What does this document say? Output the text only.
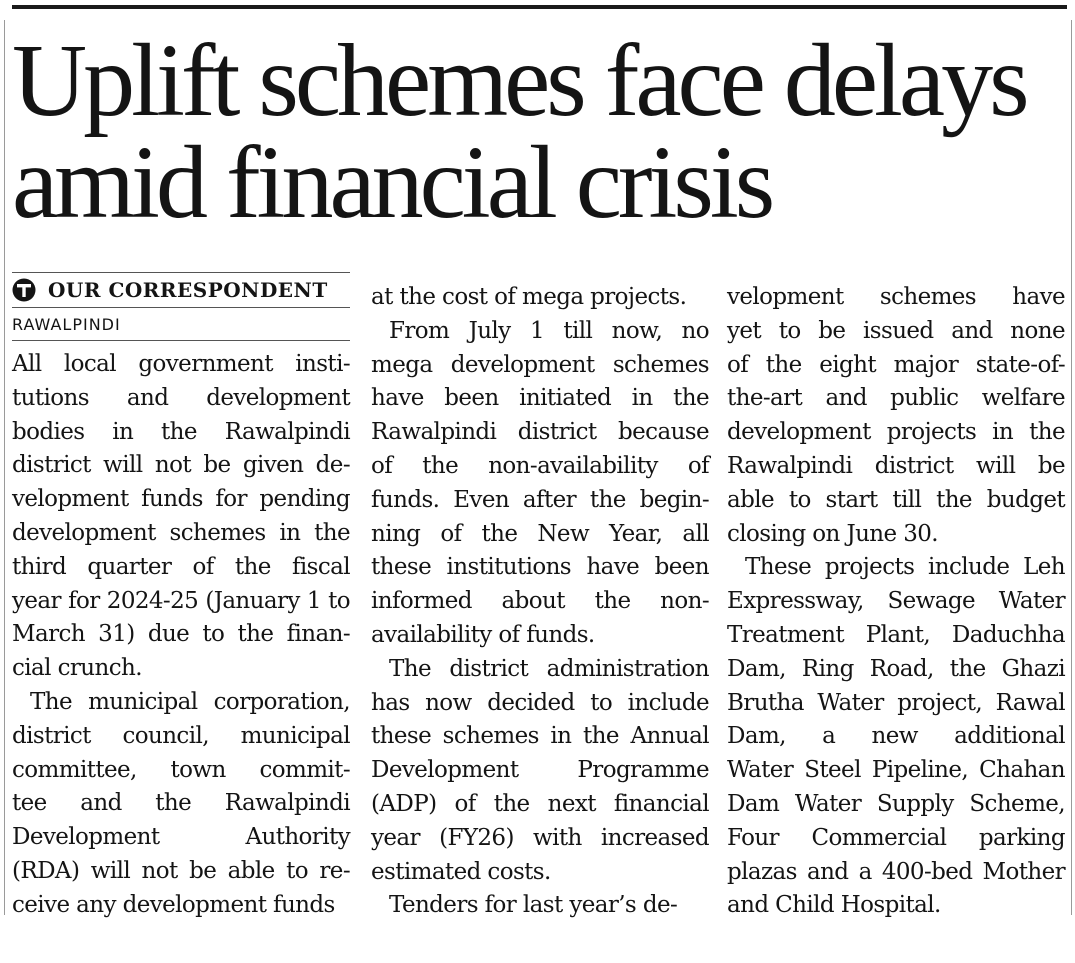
Uplift schemes face delays
amid financial crisis
OUR CORRESPONDENT
RAWALPINDI
All local government insti-
tutions and development
bodies in the Rawalpindi
district will not be given de-
velopment funds for pending
development schemes in the
third quarter of the fiscal
year for 2024-25 (January 1 to
March 31) due to the finan-
cial crunch.
The municipal corporation,
district council, municipal
committee, town commit-
tee and the Rawalpindi
Development Authority
(RDA) will not be able to re-
ceive any development funds
at the cost of mega projects.
From July 1 till now, no
mega development schemes
have been initiated in the
Rawalpindi district because
of the non-availability of
funds. Even after the begin-
ning of the New Year, all
these institutions have been
informed about the non-
availability of funds.
The district administration
has now decided to include
these schemes in the Annual
Development Programme
(ADP) of the next financial
year (FY26) with increased
estimated costs.
Tenders for last year’s de-
velopment schemes have
yet to be issued and none
of the eight major state-of-
the-art and public welfare
development projects in the
Rawalpindi district will be
able to start till the budget
closing on June 30.
These projects include Leh
Expressway, Sewage Water
Treatment Plant, Daduchha
Dam, Ring Road, the Ghazi
Brutha Water project, Rawal
Dam, a new additional
Water Steel Pipeline, Chahan
Dam Water Supply Scheme,
Four Commercial parking
plazas and a 400-bed Mother
and Child Hospital.
